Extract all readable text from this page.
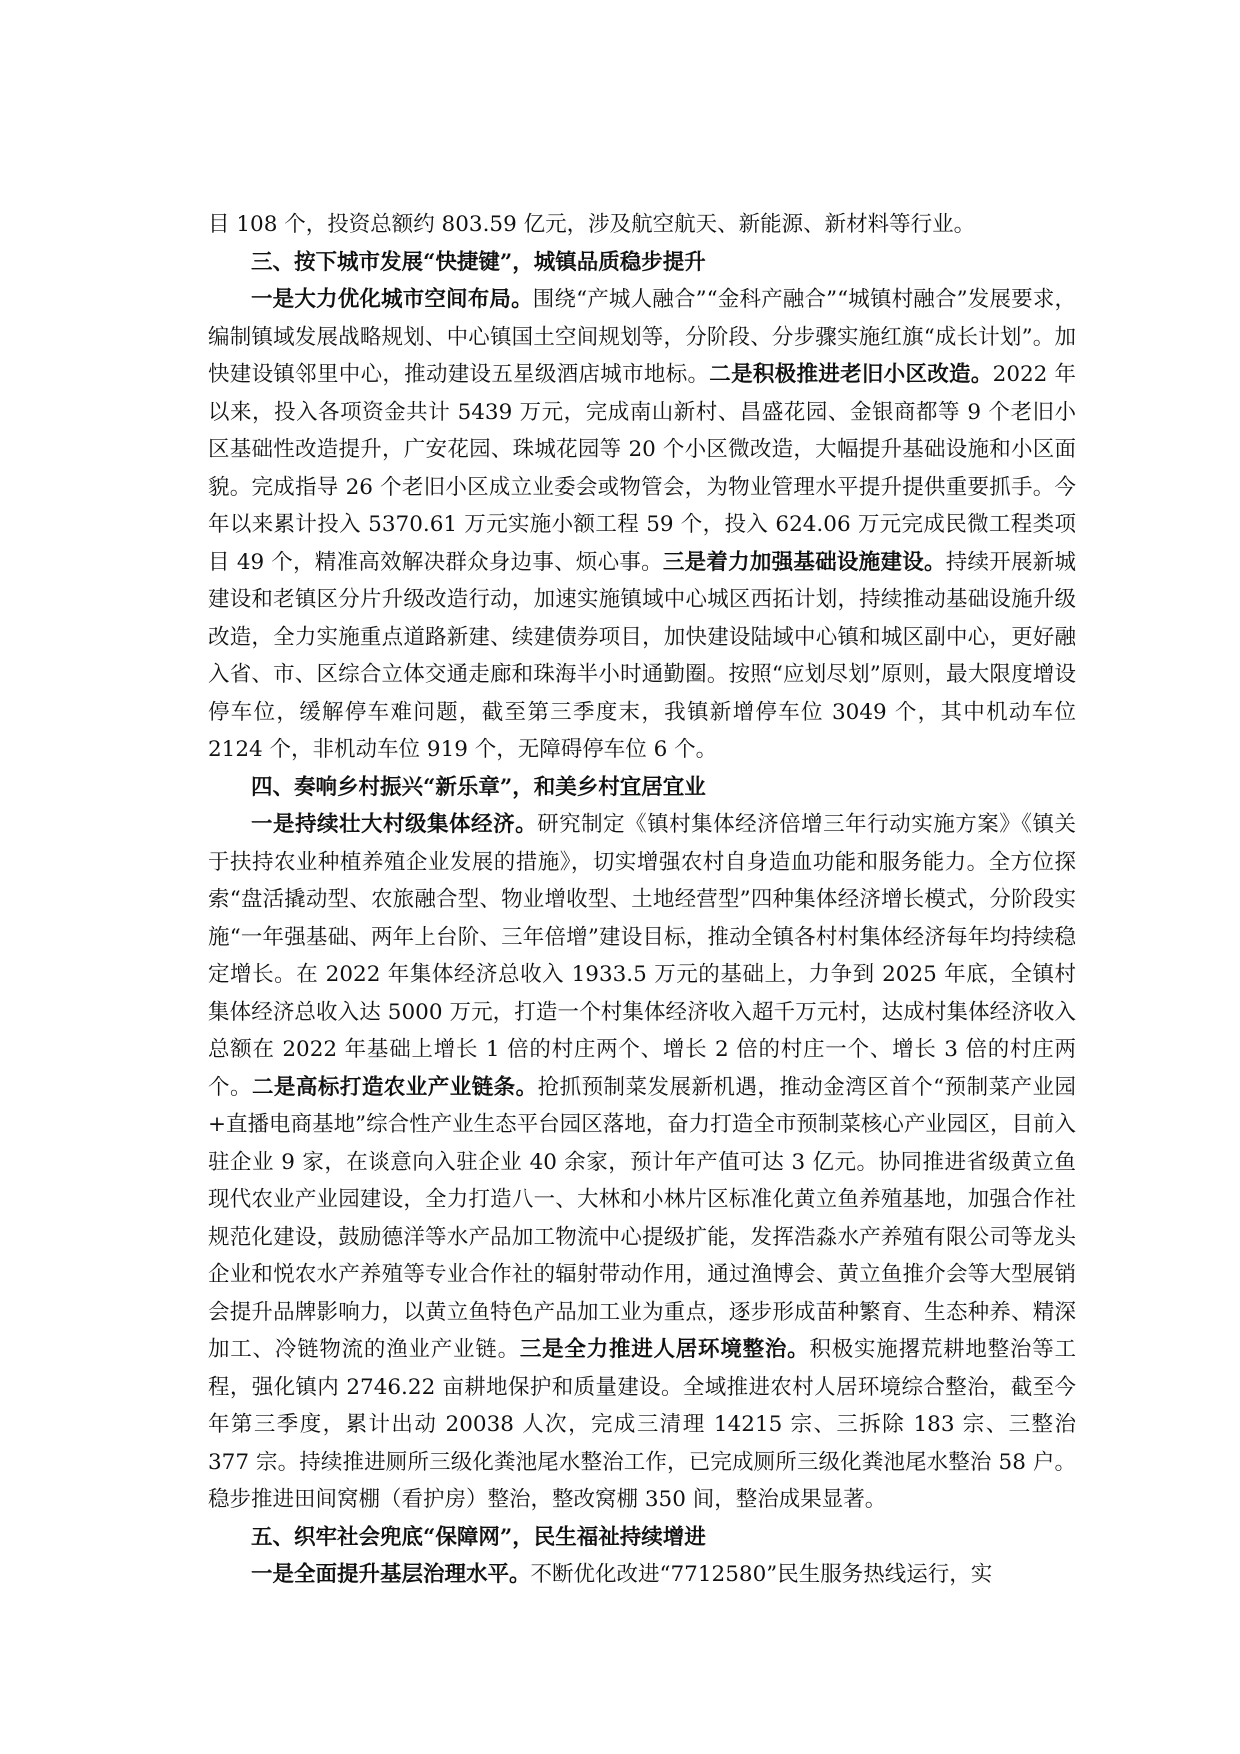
目 108 个，投资总额约 803.59 亿元，涉及航空航天、新能源、新材料等行业。

三、按下城市发展“快捷键”，城镇品质稳步提升

一是大力优化城市空间布局。围绕“产城人融合”“金科产融合”“城镇村融合”发展要求，编制镇域发展战略规划、中心镇国土空间规划等，分阶段、分步骤实施红旗“成长计划”。加快建设镇邻里中心，推动建设五星级酒店城市地标。二是积极推进老旧小区改造。2022 年以来，投入各项资金共计 5439 万元，完成南山新村、昌盛花园、金银商都等 9 个老旧小区基础性改造提升，广安花园、珠城花园等 20 个小区微改造，大幅提升基础设施和小区面貌。完成指导 26 个老旧小区成立业委会或物管会，为物业管理水平提升提供重要抓手。今年以来累计投入 5370.61 万元实施小额工程 59 个，投入 624.06 万元完成民微工程类项目 49 个，精准高效解决群众身边事、烦心事。三是着力加强基础设施建设。持续开展新城建设和老镇区分片升级改造行动，加速实施镇域中心城区西拓计划，持续推动基础设施升级改造，全力实施重点道路新建、续建债券项目，加快建设陆域中心镇和城区副中心，更好融入省、市、区综合立体交通走廊和珠海半小时通勤圈。按照“应划尽划”原则，最大限度增设停车位，缓解停车难问题，截至第三季度末，我镇新增停车位 3049 个，其中机动车位 2124 个，非机动车位 919 个，无障碍停车位 6 个。

四、奏响乡村振兴“新乐章”，和美乡村宜居宜业

一是持续壮大村级集体经济。研究制定《镇村集体经济倍增三年行动实施方案》《镇关于扶持农业种植养殖企业发展的措施》，切实增强农村自身造血功能和服务能力。全方位探索“盘活撬动型、农旅融合型、物业增收型、土地经营型”四种集体经济增长模式，分阶段实施“一年强基础、两年上台阶、三年倍增”建设目标，推动全镇各村村集体经济每年均持续稳定增长。在 2022 年集体经济总收入 1933.5 万元的基础上，力争到 2025 年底，全镇村集体经济总收入达 5000 万元，打造一个村集体经济收入超千万元村，达成村集体经济收入总额在 2022 年基础上增长 1 倍的村庄两个、增长 2 倍的村庄一个、增长 3 倍的村庄两个。二是高标打造农业产业链条。抢抓预制菜发展新机遇，推动金湾区首个“预制菜产业园+直播电商基地”综合性产业生态平台园区落地，奋力打造全市预制菜核心产业园区，目前入驻企业 9 家，在谈意向入驻企业 40 余家，预计年产值可达 3 亿元。协同推进省级黄立鱼现代农业产业园建设，全力打造八一、大林和小林片区标准化黄立鱼养殖基地，加强合作社规范化建设，鼓励德洋等水产品加工物流中心提级扩能，发挥浩淼水产养殖有限公司等龙头企业和悦农水产养殖等专业合作社的辐射带动作用，通过渔博会、黄立鱼推介会等大型展销会提升品牌影响力，以黄立鱼特色产品加工业为重点，逐步形成苗种繁育、生态种养、精深加工、冷链物流的渔业产业链。三是全力推进人居环境整治。积极实施撂荒耕地整治等工程，强化镇内 2746.22 亩耕地保护和质量建设。全域推进农村人居环境综合整治，截至今年第三季度，累计出动 20038 人次，完成三清理 14215 宗、三拆除 183 宗、三整治 377 宗。持续推进厕所三级化粪池尾水整治工作，已完成厕所三级化粪池尾水整治 58 户。稳步推进田间窝棚（看护房）整治，整改窝棚 350 间，整治成果显著。

五、织牢社会兜底“保障网”，民生福祉持续增进

一是全面提升基层治理水平。不断优化改进“7712580”民生服务热线运行，实
